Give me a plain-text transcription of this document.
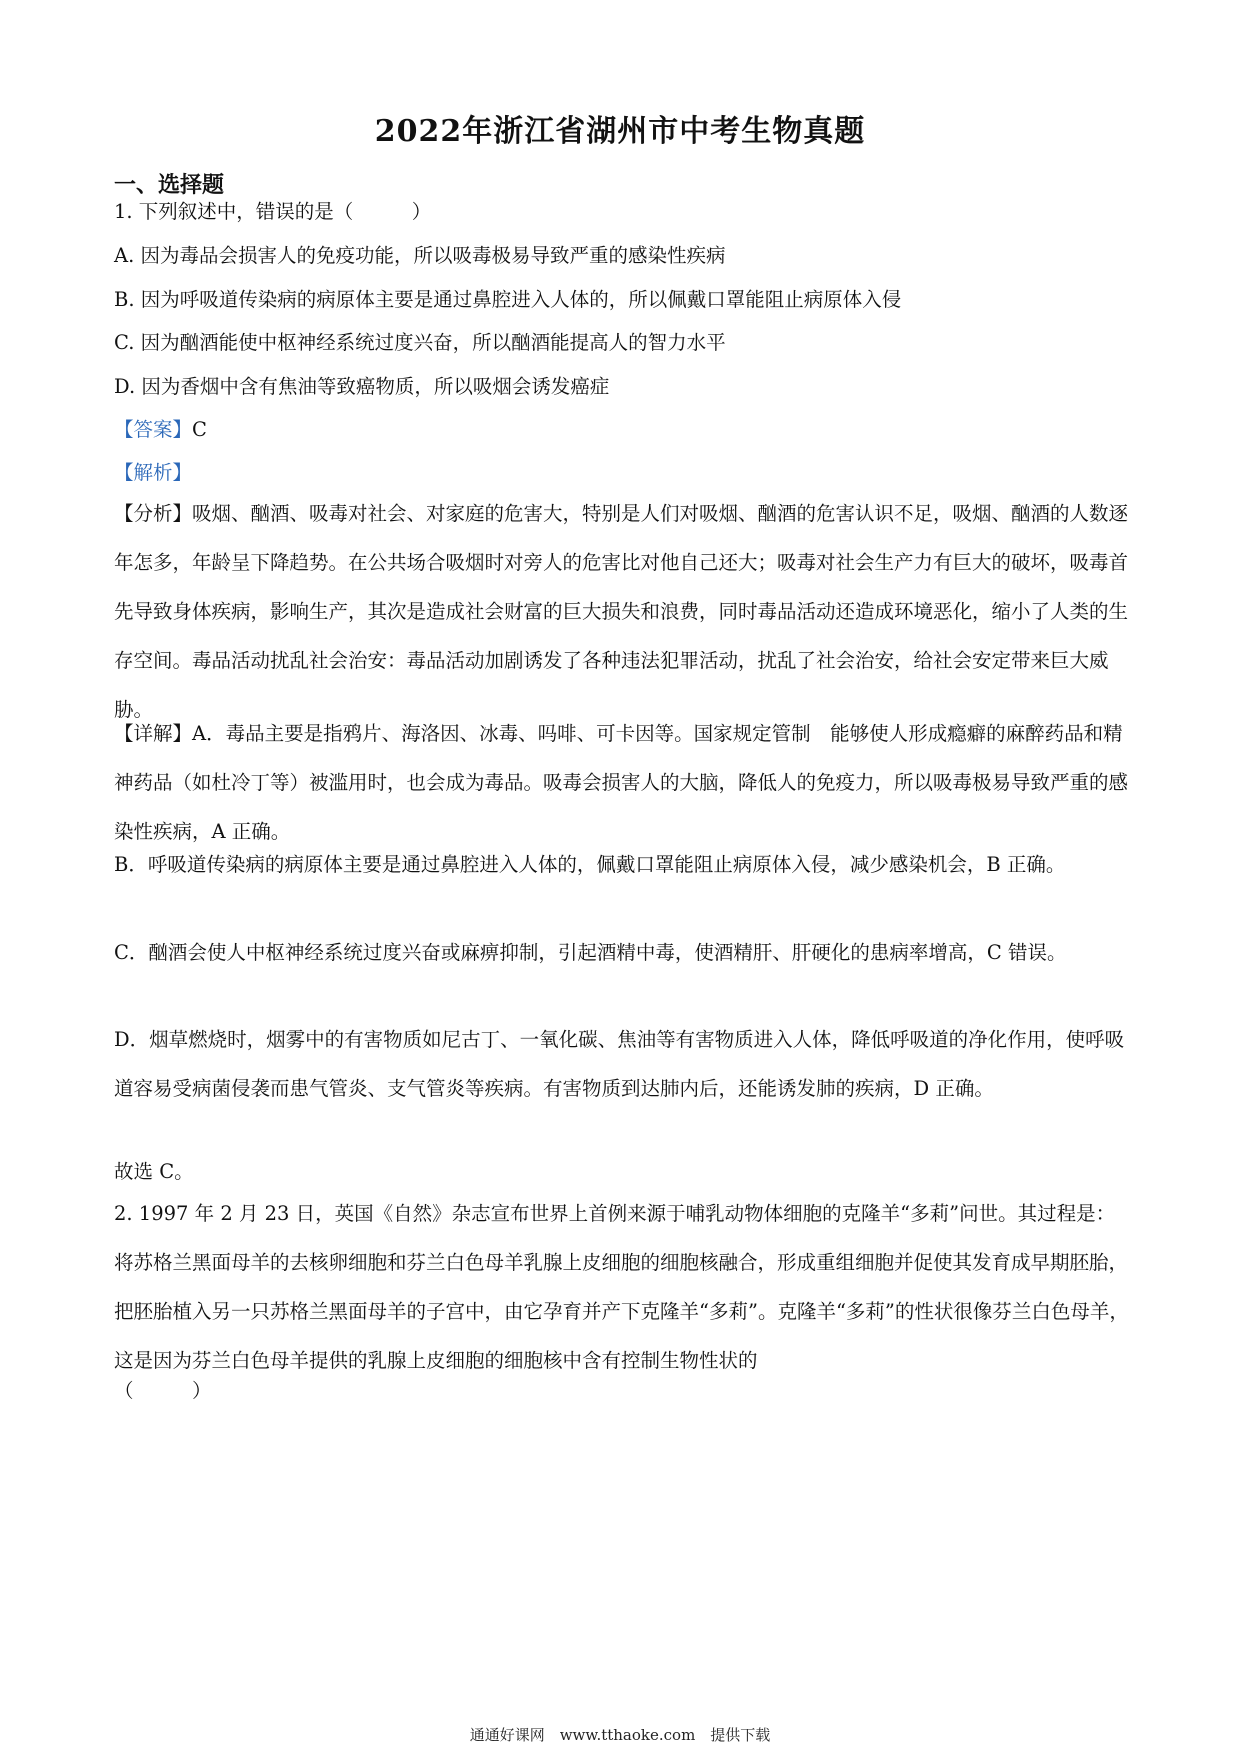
2022年浙江省湖州市中考生物真题
一、选择题
1. 下列叙述中，错误的是（　　　）
A. 因为毒品会损害人的免疫功能，所以吸毒极易导致严重的感染性疾病
B. 因为呼吸道传染病的病原体主要是通过鼻腔进入人体的，所以佩戴口罩能阻止病原体入侵
C. 因为酗酒能使中枢神经系统过度兴奋，所以酗酒能提高人的智力水平
D. 因为香烟中含有焦油等致癌物质，所以吸烟会诱发癌症
【答案】C
【解析】

【分析】吸烟、酗酒、吸毒对社会、对家庭的危害大，特别是人们对吸烟、酗酒的危害认识不足，吸烟、酗酒的人数逐年怎多，年龄呈下降趋势。在公共场合吸烟时对旁人的危害比对他自己还大；吸毒对社会生产力有巨大的破坏，吸毒首先导致身体疾病，影响生产，其次是造成社会财富的巨大损失和浪费，同时毒品活动还造成环境恶化，缩小了人类的生存空间。毒品活动扰乱社会治安：毒品活动加剧诱发了各种违法犯罪活动，扰乱了社会治安，给社会安定带来巨大威胁。

【详解】A．毒品主要是指鸦片、海洛因、冰毒、吗啡、可卡因等。国家规定管制　能够使人形成瘾癖的麻醉药品和精神药品（如杜冷丁等）被滥用时，也会成为毒品。吸毒会损害人的大脑，降低人的免疫力，所以吸毒极易导致严重的感染性疾病，A 正确。

B．呼吸道传染病的病原体主要是通过鼻腔进入人体的，佩戴口罩能阻止病原体入侵，减少感染机会，B 正确。

C．酗酒会使人中枢神经系统过度兴奋或麻痹抑制，引起酒精中毒，使酒精肝、肝硬化的患病率增高，C 错误。

D．烟草燃烧时，烟雾中的有害物质如尼古丁、一氧化碳、焦油等有害物质进入人体，降低呼吸道的净化作用，使呼吸道容易受病菌侵袭而患气管炎、支气管炎等疾病。有害物质到达肺内后，还能诱发肺的疾病，D 正确。

故选 C。

2. 1997 年 2 月 23 日，英国《自然》杂志宣布世界上首例来源于哺乳动物体细胞的克隆羊“多莉”问世。其过程是：将苏格兰黑面母羊的去核卵细胞和芬兰白色母羊乳腺上皮细胞的细胞核融合，形成重组细胞并促使其发育成早期胚胎，把胚胎植入另一只苏格兰黑面母羊的子宫中，由它孕育并产下克隆羊“多莉”。克隆羊“多莉”的性状很像芬兰白色母羊，这是因为芬兰白色母羊提供的乳腺上皮细胞的细胞核中含有控制生物性状的

（　　　）
通通好课网　www.tthaoke.com　提供下载
